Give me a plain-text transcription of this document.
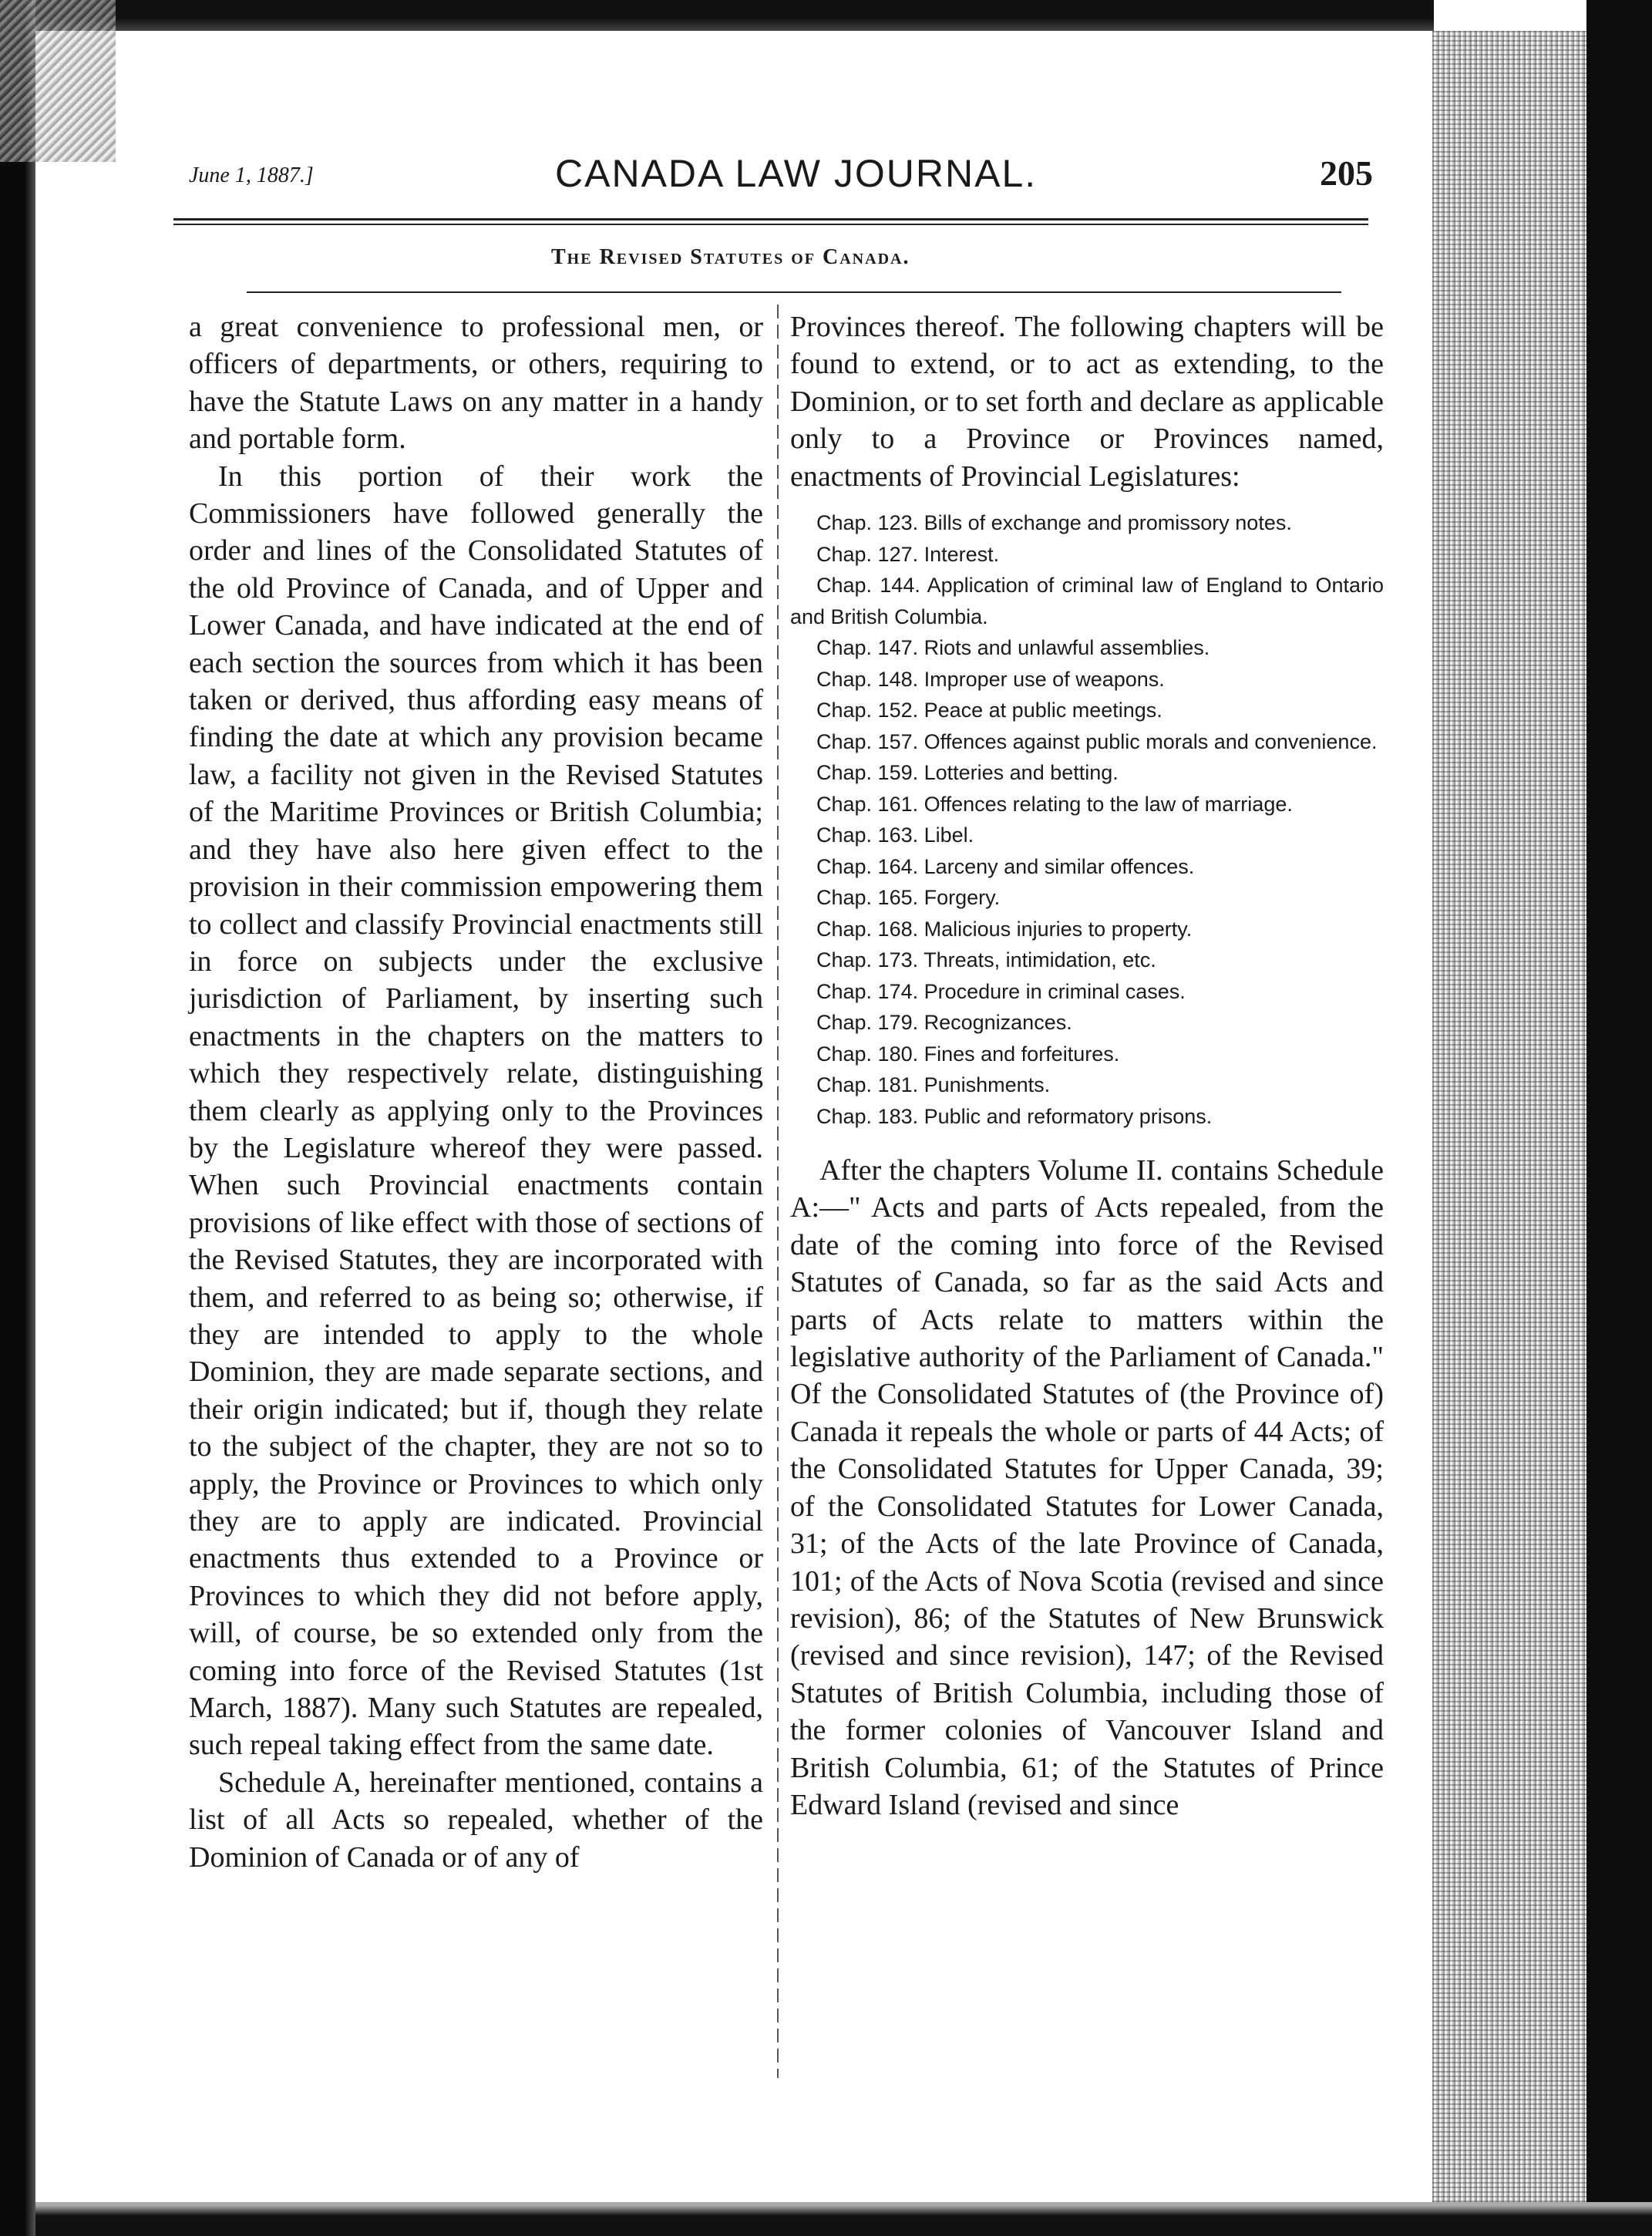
June 1, 1887.]	CANADA LAW JOURNAL.	205
The Revised Statutes of Canada.

a great convenience to professional men, or officers of departments, or others, requiring to have the Statute Laws on any matter in a handy and portable form.

In this portion of their work the Commissioners have followed generally the order and lines of the Consolidated Statutes of the old Province of Canada, and of Upper and Lower Canada, and have indicated at the end of each section the sources from which it has been taken or derived, thus affording easy means of finding the date at which any provision became law, a facility not given in the Revised Statutes of the Maritime Provinces or British Columbia; and they have also here given effect to the provision in their commission empowering them to collect and classify Provincial enactments still in force on subjects under the exclusive jurisdiction of Parliament, by inserting such enactments in the chapters on the matters to which they respectively relate, distinguishing them clearly as applying only to the Provinces by the Legislature whereof they were passed. When such Provincial enactments contain provisions of like effect with those of sections of the Revised Statutes, they are incorporated with them, and referred to as being so; otherwise, if they are intended to apply to the whole Dominion, they are made separate sections, and their origin indicated; but if, though they relate to the subject of the chapter, they are not so to apply, the Province or Provinces to which only they are to apply are indicated. Provincial enactments thus extended to a Province or Provinces to which they did not before apply, will, of course, be so extended only from the coming into force of the Revised Statutes (1st March, 1887). Many such Statutes are repealed, such repeal taking effect from the same date.

Schedule A, hereinafter mentioned, contains a list of all Acts so repealed, whether of the Dominion of Canada or of any of

Provinces thereof. The following chapters will be found to extend, or to act as extending, to the Dominion, or to set forth and declare as applicable only to a Province or Provinces named, enactments of Provincial Legislatures:

Chap. 123. Bills of exchange and promissory notes.
Chap. 127. Interest.
Chap. 144. Application of criminal law of England to Ontario and British Columbia.
Chap. 147. Riots and unlawful assemblies.
Chap. 148. Improper use of weapons.
Chap. 152. Peace at public meetings.
Chap. 157. Offences against public morals and convenience.
Chap. 159. Lotteries and betting.
Chap. 161. Offences relating to the law of marriage.
Chap. 163. Libel.
Chap. 164. Larceny and similar offences.
Chap. 165. Forgery.
Chap. 168. Malicious injuries to property.
Chap. 173. Threats, intimidation, etc.
Chap. 174. Procedure in criminal cases.
Chap. 179. Recognizances.
Chap. 180. Fines and forfeitures.
Chap. 181. Punishments.
Chap. 183. Public and reformatory prisons.

After the chapters Volume II. contains Schedule A:—" Acts and parts of Acts repealed, from the date of the coming into force of the Revised Statutes of Canada, so far as the said Acts and parts of Acts relate to matters within the legislative authority of the Parliament of Canada." Of the Consolidated Statutes of (the Province of) Canada it repeals the whole or parts of 44 Acts; of the Consolidated Statutes for Upper Canada, 39; of the Consolidated Statutes for Lower Canada, 31; of the Acts of the late Province of Canada, 101; of the Acts of Nova Scotia (revised and since revision), 86; of the Statutes of New Brunswick (revised and since revision), 147; of the Revised Statutes of British Columbia, including those of the former colonies of Vancouver Island and British Columbia, 61; of the Statutes of Prince Edward Island (revised and since
